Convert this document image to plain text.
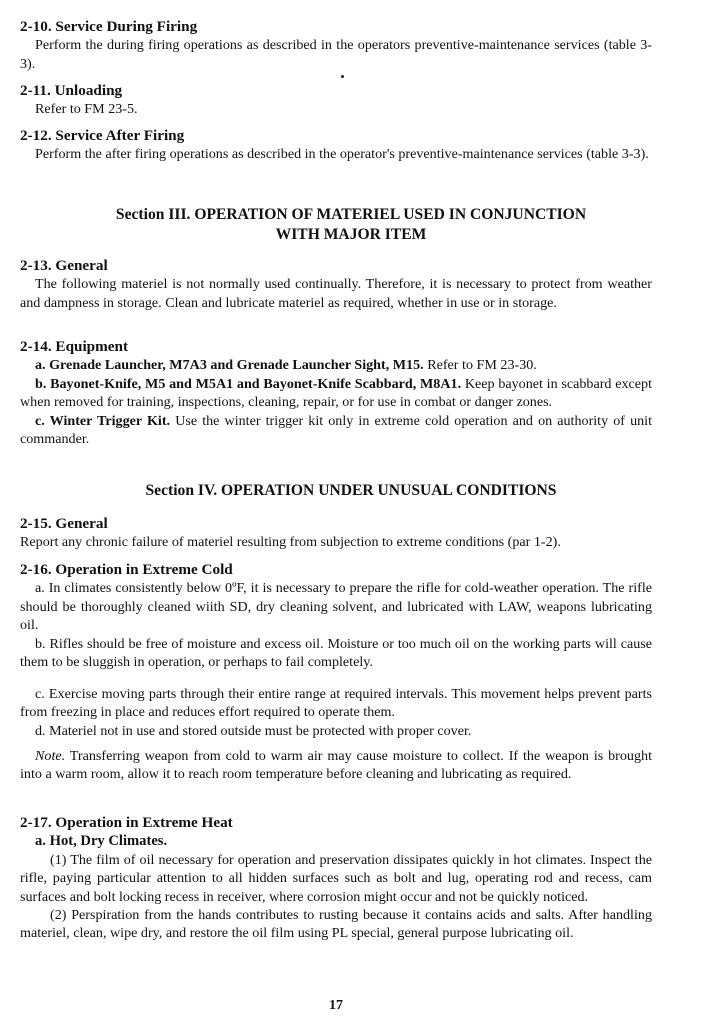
2-10. Service During Firing

Perform the during firing operations as described in the operators preventive-maintenance services (table 3-3).

2-11. Unloading

Refer to FM 23-5.

2-12. Service After Firing

Perform the after firing operations as described in the operator's preventive-maintenance services (table 3-3).

Section III. OPERATION OF MATERIEL USED IN CONJUNCTION
WITH MAJOR ITEM

2-13. General

The following materiel is not normally used continually. Therefore, it is necessary to protect from weather and dampness in storage. Clean and lubricate materiel as required, whether in use or in storage.

2-14. Equipment

a. Grenade Launcher, M7A3 and Grenade Launcher Sight, M15. Refer to FM 23-30.

b. Bayonet-Knife, M5 and M5A1 and Bayonet-Knife Scabbard, M8A1. Keep bayonet in scabbard except when removed for training, inspections, cleaning, repair, or for use in combat or danger zones.

c. Winter Trigger Kit. Use the winter trigger kit only in extreme cold operation and on authority of unit commander.

Section IV. OPERATION UNDER UNUSUAL CONDITIONS

2-15. General

Report any chronic failure of materiel resulting from subjection to extreme conditions (par 1-2).

2-16. Operation in Extreme Cold

a. In climates consistently below 0ºF, it is necessary to prepare the rifle for cold-weather operation. The rifle should be thoroughly cleaned wiith SD, dry cleaning solvent, and lubricated with LAW, weapons lubricating oil.

b. Rifles should be free of moisture and excess oil. Moisture or too much oil on the working parts will cause them to be sluggish in operation, or perhaps to fail completely.

c. Exercise moving parts through their entire range at required intervals. This movement helps prevent parts from freezing in place and reduces effort required to operate them.

d. Materiel not in use and stored outside must be protected with proper cover.

Note. Transferring weapon from cold to warm air may cause moisture to collect. If the weapon is brought into a warm room, allow it to reach room temperature before cleaning and lubricating as required.

2-17. Operation in Extreme Heat

a. Hot, Dry Climates.

(1) The film of oil necessary for operation and preservation dissipates quickly in hot climates. Inspect the rifle, paying particular attention to all hidden surfaces such as bolt and lug, operating rod and recess, cam surfaces and bolt locking recess in receiver, where corrosion might occur and not be quickly noticed.

(2) Perspiration from the hands contributes to rusting because it contains acids and salts. After handling materiel, clean, wipe dry, and restore the oil film using PL special, general purpose lubricating oil.

17
